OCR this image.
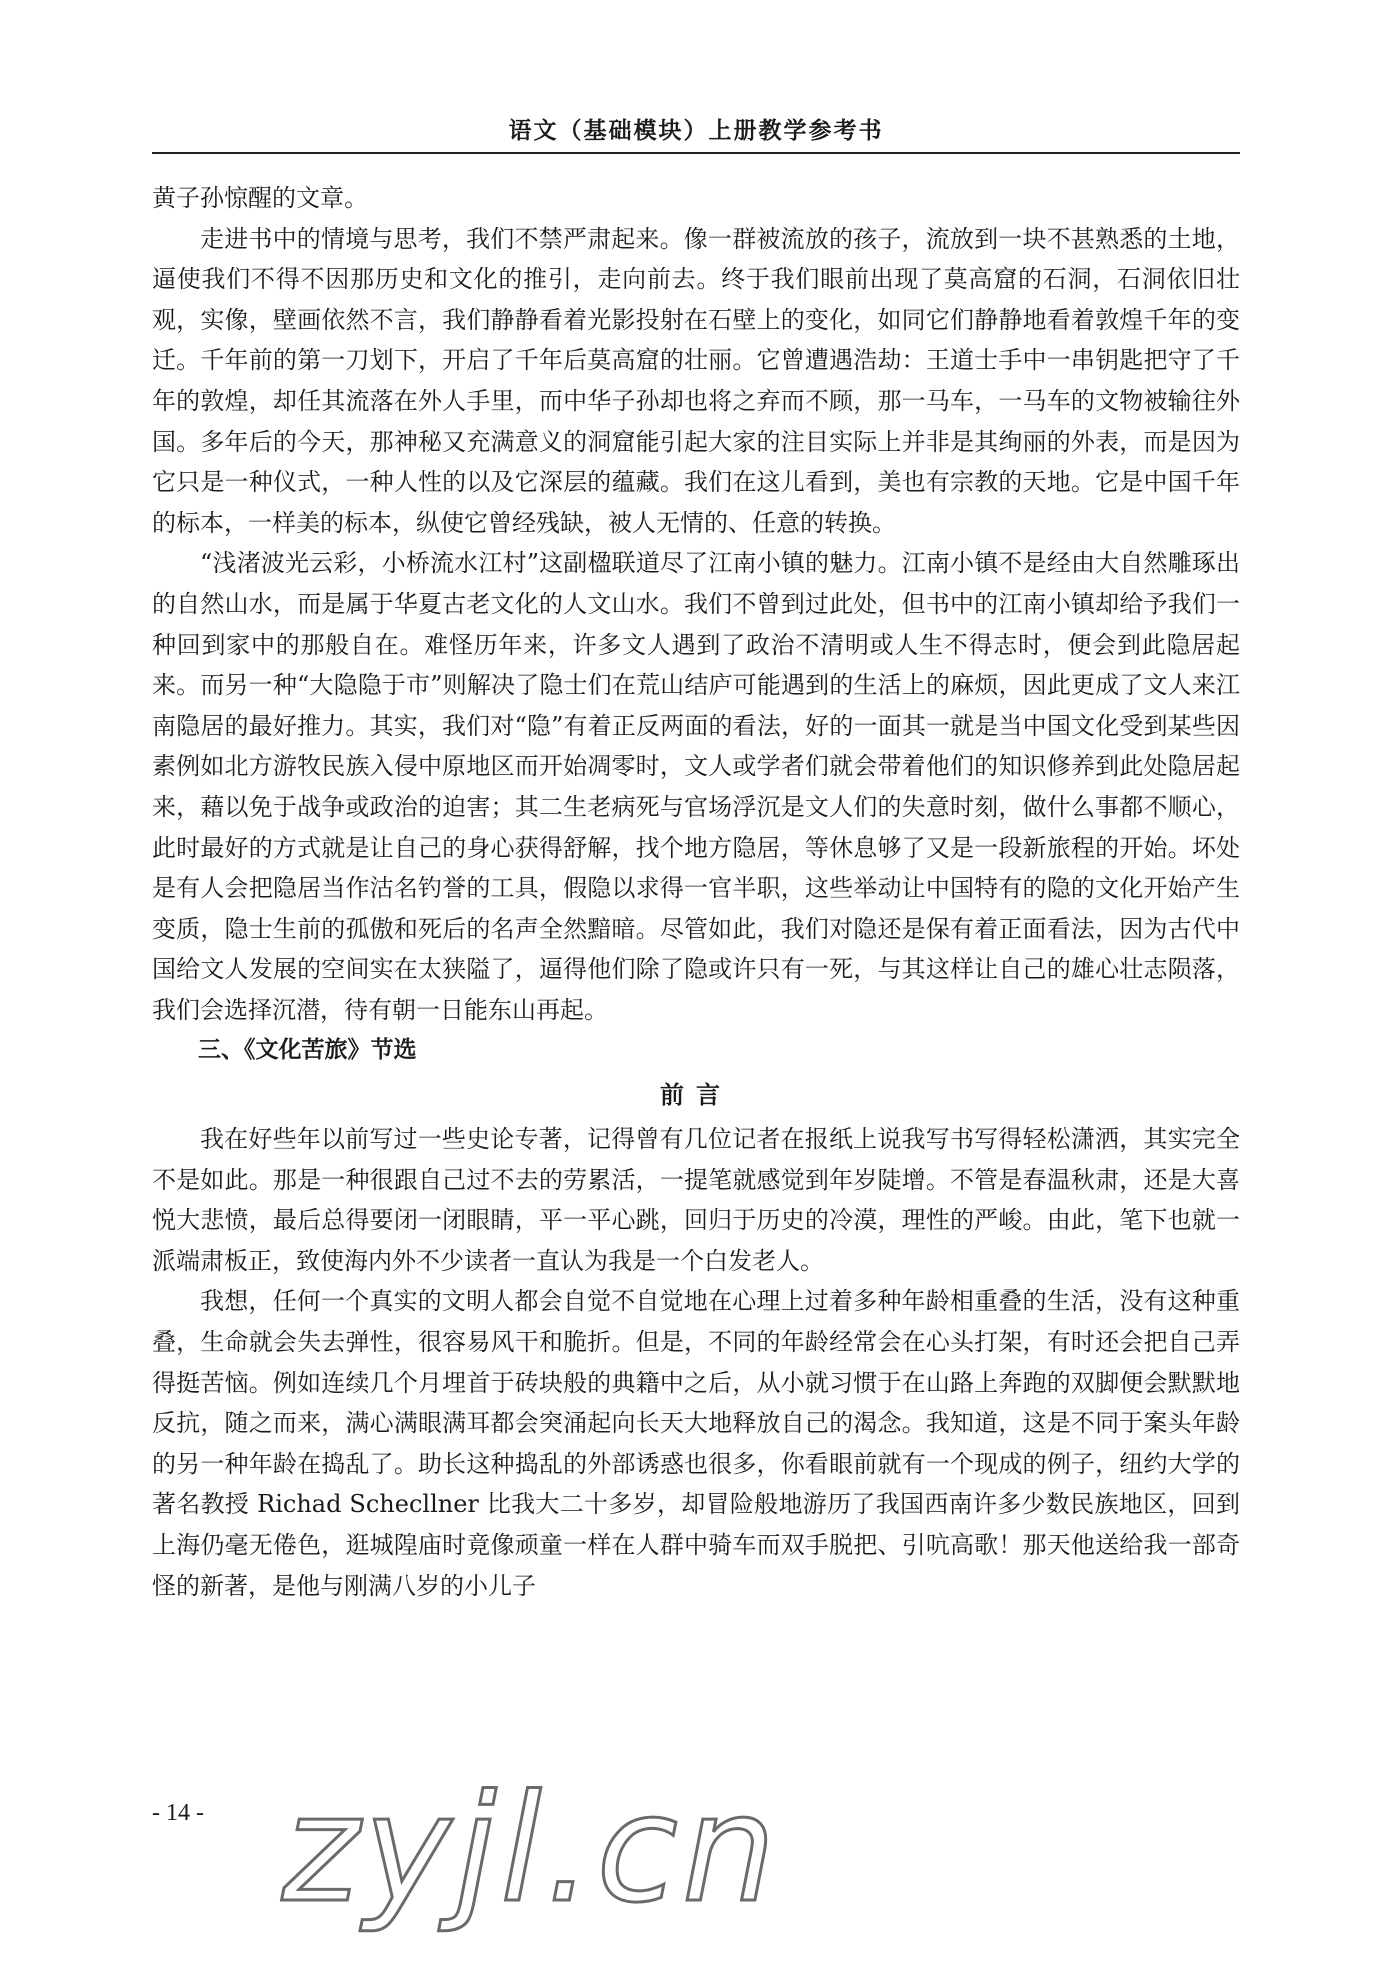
语文（基础模块）上册教学参考书

黄子孙惊醒的文章。

走进书中的情境与思考，我们不禁严肃起来。像一群被流放的孩子，流放到一块不甚熟悉的土地，逼使我们不得不因那历史和文化的推引，走向前去。终于我们眼前出现了莫高窟的石洞，石洞依旧壮观，实像，壁画依然不言，我们静静看着光影投射在石壁上的变化，如同它们静静地看着敦煌千年的变迁。千年前的第一刀划下，开启了千年后莫高窟的壮丽。它曾遭遇浩劫：王道士手中一串钥匙把守了千年的敦煌，却任其流落在外人手里，而中华子孙却也将之弃而不顾，那一马车，一马车的文物被输往外国。多年后的今天，那神秘又充满意义的洞窟能引起大家的注目实际上并非是其绚丽的外表，而是因为它只是一种仪式，一种人性的以及它深层的蕴藏。我们在这儿看到，美也有宗教的天地。它是中国千年的标本，一样美的标本，纵使它曾经残缺，被人无情的、任意的转换。

“浅渚波光云彩，小桥流水江村”这副楹联道尽了江南小镇的魅力。江南小镇不是经由大自然雕琢出的自然山水，而是属于华夏古老文化的人文山水。我们不曾到过此处，但书中的江南小镇却给予我们一种回到家中的那般自在。难怪历年来，许多文人遇到了政治不清明或人生不得志时，便会到此隐居起来。而另一种“大隐隐于市”则解决了隐士们在荒山结庐可能遇到的生活上的麻烦，因此更成了文人来江南隐居的最好推力。其实，我们对“隐”有着正反两面的看法，好的一面其一就是当中国文化受到某些因素例如北方游牧民族入侵中原地区而开始凋零时，文人或学者们就会带着他们的知识修养到此处隐居起来，藉以免于战争或政治的迫害；其二生老病死与官场浮沉是文人们的失意时刻，做什么事都不顺心，此时最好的方式就是让自己的身心获得舒解，找个地方隐居，等休息够了又是一段新旅程的开始。坏处是有人会把隐居当作沽名钓誉的工具，假隐以求得一官半职，这些举动让中国特有的隐的文化开始产生变质，隐士生前的孤傲和死后的名声全然黯暗。尽管如此，我们对隐还是保有着正面看法，因为古代中国给文人发展的空间实在太狭隘了，逼得他们除了隐或许只有一死，与其这样让自己的雄心壮志陨落，我们会选择沉潜，待有朝一日能东山再起。

三、《文化苦旅》节选
前言

我在好些年以前写过一些史论专著，记得曾有几位记者在报纸上说我写书写得轻松潇洒，其实完全不是如此。那是一种很跟自己过不去的劳累活，一提笔就感觉到年岁陡增。不管是春温秋肃，还是大喜悦大悲愤，最后总得要闭一闭眼睛，平一平心跳，回归于历史的冷漠，理性的严峻。由此，笔下也就一派端肃板正，致使海内外不少读者一直认为我是一个白发老人。

我想，任何一个真实的文明人都会自觉不自觉地在心理上过着多种年龄相重叠的生活，没有这种重叠，生命就会失去弹性，很容易风干和脆折。但是，不同的年龄经常会在心头打架，有时还会把自己弄得挺苦恼。例如连续几个月埋首于砖块般的典籍中之后，从小就习惯于在山路上奔跑的双脚便会默默地反抗，随之而来，满心满眼满耳都会突涌起向长天大地释放自己的渴念。我知道，这是不同于案头年龄的另一种年龄在捣乱了。助长这种捣乱的外部诱惑也很多，你看眼前就有一个现成的例子，纽约大学的著名教授 Richad Schecllner 比我大二十多岁，却冒险般地游历了我国西南许多少数民族地区，回到上海仍毫无倦色，逛城隍庙时竟像顽童一样在人群中骑车而双手脱把、引吭高歌！那天他送给我一部奇怪的新著，是他与刚满八岁的小儿子

- 14 - zyjl.cn
